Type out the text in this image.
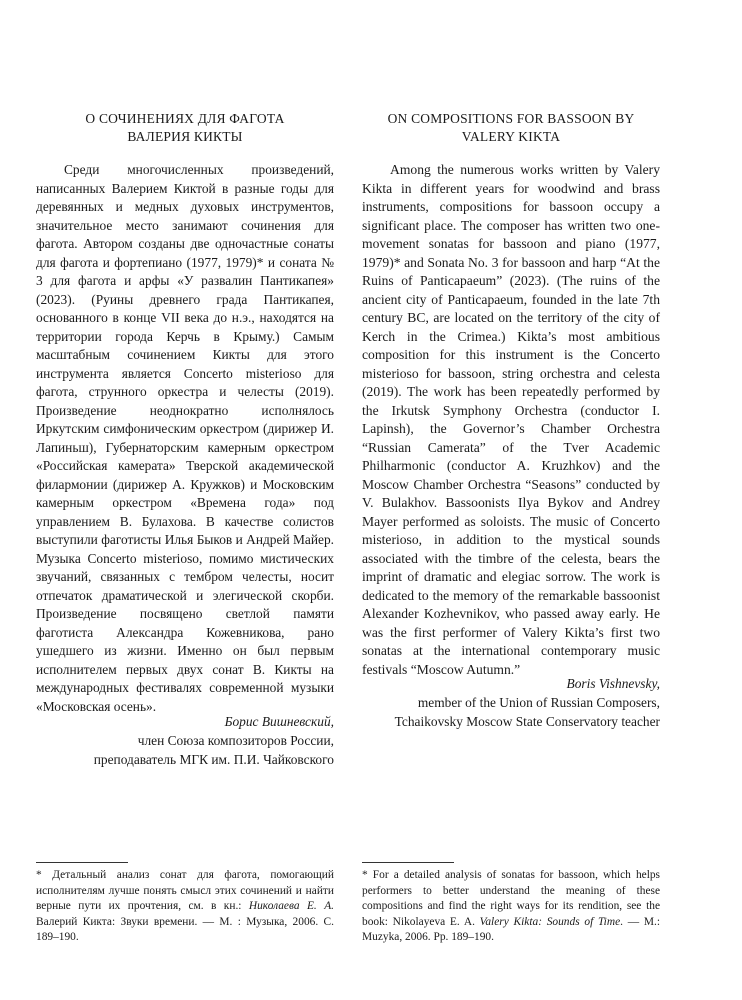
О СОЧИНЕНИЯХ ДЛЯ ФАГОТА
ВАЛЕРИЯ КИКТЫ

Среди многочисленных произведений, написанных Валерием Киктой в разные годы для деревянных и медных духовых инструментов, значительное место занимают сочинения для фагота. Автором созданы две одночастные сонаты для фагота и фортепиано (1977, 1979)* и соната № 3 для фагота и арфы «У развалин Пантикапея» (2023). (Руины древнего града Пантикапея, основанного в конце VII века до н.э., находятся на территории города Керчь в Крыму.) Самым масштабным сочинением Кикты для этого инструмента является Concerto misterioso для фагота, струнного оркестра и челесты (2019). Произведение неоднократно исполнялось Иркутским симфоническим оркестром (дирижер И. Лапиньш), Губернаторским камерным оркестром «Российская камерата» Тверской академической филармонии (дирижер А. Кружков) и Московским камерным оркестром «Времена года» под управлением В. Булахова. В качестве солистов выступили фаготисты Илья Быков и Андрей Майер. Музыка Concerto misterioso, помимо мистических звучаний, связанных с тембром челесты, носит отпечаток драматической и элегической скорби. Произведение посвящено светлой памяти фаготиста Александра Кожевникова, рано ушедшего из жизни. Именно он был первым исполнителем первых двух сонат В. Кикты на международных фестивалях современной музыки «Московская осень».

Борис Вишневский,
член Союза композиторов России,
преподаватель МГК им. П.И. Чайковского

* Детальный анализ сонат для фагота, помогающий исполнителям лучше понять смысл этих сочинений и найти верные пути их прочтения, см. в кн.: Николаева Е. А. Валерий Кикта: Звуки времени. — М. : Музыка, 2006. С. 189–190.

ON COMPOSITIONS FOR BASSOON BY
VALERY KIKTA

Among the numerous works written by Valery Kikta in different years for woodwind and brass instruments, compositions for bassoon occupy a significant place. The composer has written two one-movement sonatas for bassoon and piano (1977, 1979)* and Sonata No. 3 for bassoon and harp “At the Ruins of Panticapaeum” (2023). (The ruins of the ancient city of Panticapaeum, founded in the late 7th century BC, are located on the territory of the city of Kerch in the Crimea.) Kikta’s most ambitious composition for this instrument is the Concerto misterioso for bassoon, string orchestra and celesta (2019). The work has been repeatedly performed by the Irkutsk Symphony Orchestra (conductor I. Lapinsh), the Governor’s Chamber Orchestra “Russian Camerata” of the Tver Academic Philharmonic (conductor A. Kruzhkov) and the Moscow Chamber Orchestra “Seasons” conducted by V. Bulakhov. Bassoonists Ilya Bykov and Andrey Mayer performed as soloists. The music of Concerto misterioso, in addition to the mystical sounds associated with the timbre of the celesta, bears the imprint of dramatic and elegiac sorrow. The work is dedicated to the memory of the remarkable bassoonist Alexander Kozhevnikov, who passed away early. He was the first performer of Valery Kikta’s first two sonatas at the international contemporary music festivals “Moscow Autumn.”

Boris Vishnevsky,
member of the Union of Russian Composers,
Tchaikovsky Moscow State Conservatory teacher

* For a detailed analysis of sonatas for bassoon, which helps performers to better understand the meaning of these compositions and find the right ways for its rendition, see the book: Nikolayeva E. A. Valery Kikta: Sounds of Time. — M.: Muzyka, 2006. Pp. 189–190.
